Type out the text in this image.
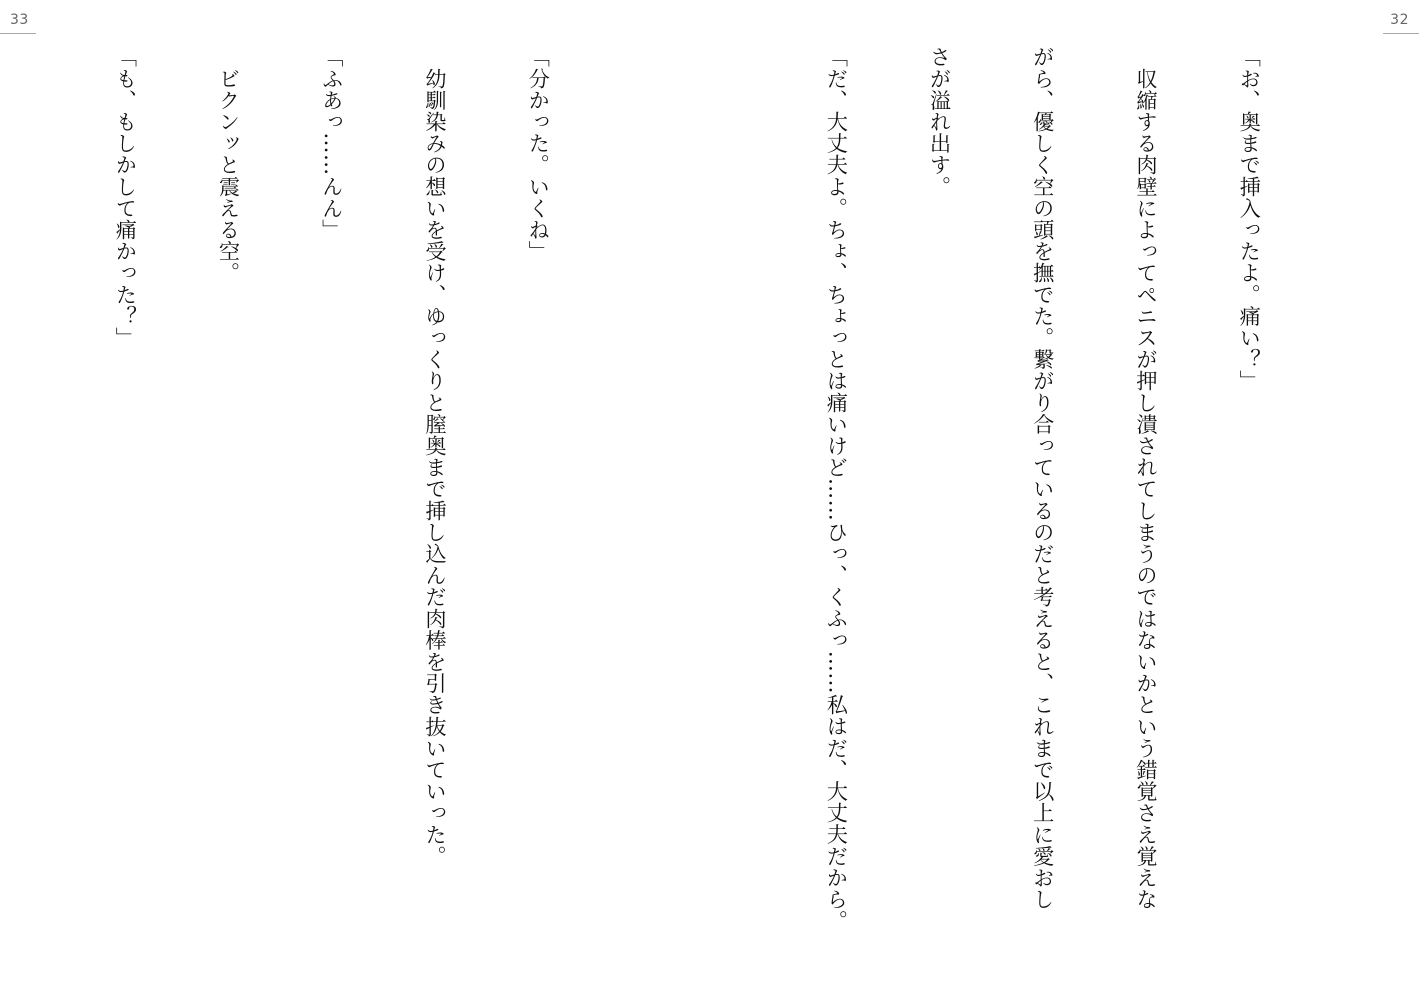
33

「分かった。いくね」

　幼馴染みの想いを受け、ゆっくりと膣奥まで挿し込んだ肉棒を引き抜いていった。

「ふあっ……んん」

　ビクンッと震える空。

「も、もしかして痛かった？」

32

「お、奥まで挿入ったよ。痛い？」

　収縮する肉壁によってペニスが押し潰されてしまうのではないかという錯覚さえ覚えな

がら、優しく空の頭を撫でた。繋がり合っているのだと考えると、これまで以上に愛おし

さが溢れ出す。

「だ、大丈夫よ。ちょ、ちょっとは痛いけど……ひっ、くふっ……私はだ、大丈夫だから。
